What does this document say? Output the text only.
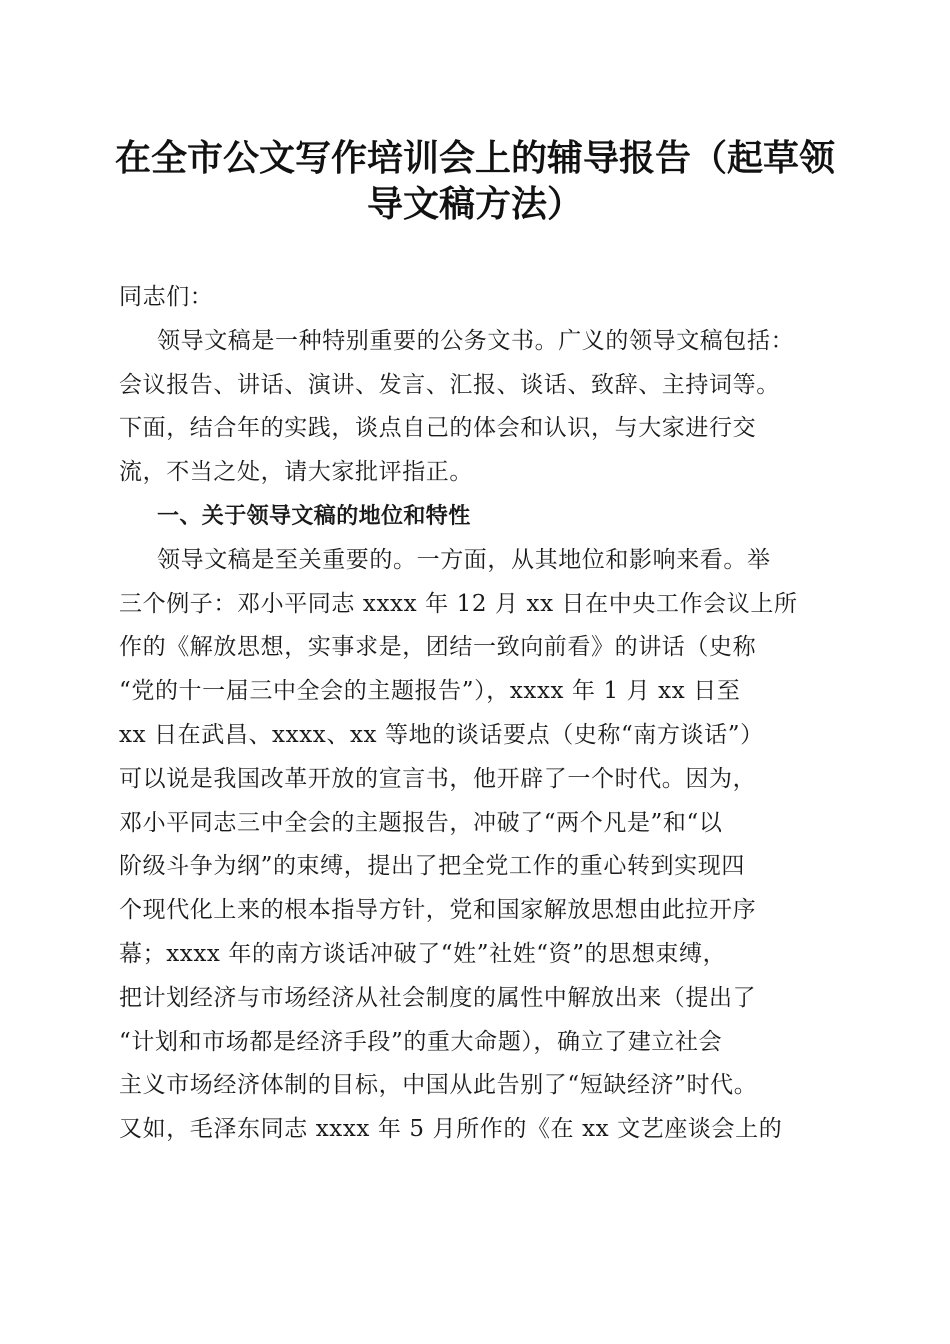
在全市公文写作培训会上的辅导报告（起草领
导文稿方法）
同志们：
领导文稿是一种特别重要的公务文书。广义的领导文稿包括：
会议报告、讲话、演讲、发言、汇报、谈话、致辞、主持词等。
下面，结合年的实践，谈点自己的体会和认识，与大家进行交
流，不当之处，请大家批评指正。
一、关于领导文稿的地位和特性
领导文稿是至关重要的。一方面，从其地位和影响来看。举
三个例子：邓小平同志 xxxx 年 12 月 xx 日在中央工作会议上所
作的《解放思想，实事求是，团结一致向前看》的讲话（史称
“党的十一届三中全会的主题报告”），xxxx 年 1 月 xx 日至
xx 日在武昌、xxxx、xx 等地的谈话要点（史称“南方谈话”）
可以说是我国改革开放的宣言书，他开辟了一个时代。因为，
邓小平同志三中全会的主题报告，冲破了“两个凡是”和“以
阶级斗争为纲”的束缚，提出了把全党工作的重心转到实现四
个现代化上来的根本指导方针，党和国家解放思想由此拉开序
幕；xxxx 年的南方谈话冲破了“姓”社姓“资”的思想束缚，
把计划经济与市场经济从社会制度的属性中解放出来（提出了
“计划和市场都是经济手段”的重大命题），确立了建立社会
主义市场经济体制的目标，中国从此告别了“短缺经济”时代。
又如，毛泽东同志 xxxx 年 5 月所作的《在 xx 文艺座谈会上的
